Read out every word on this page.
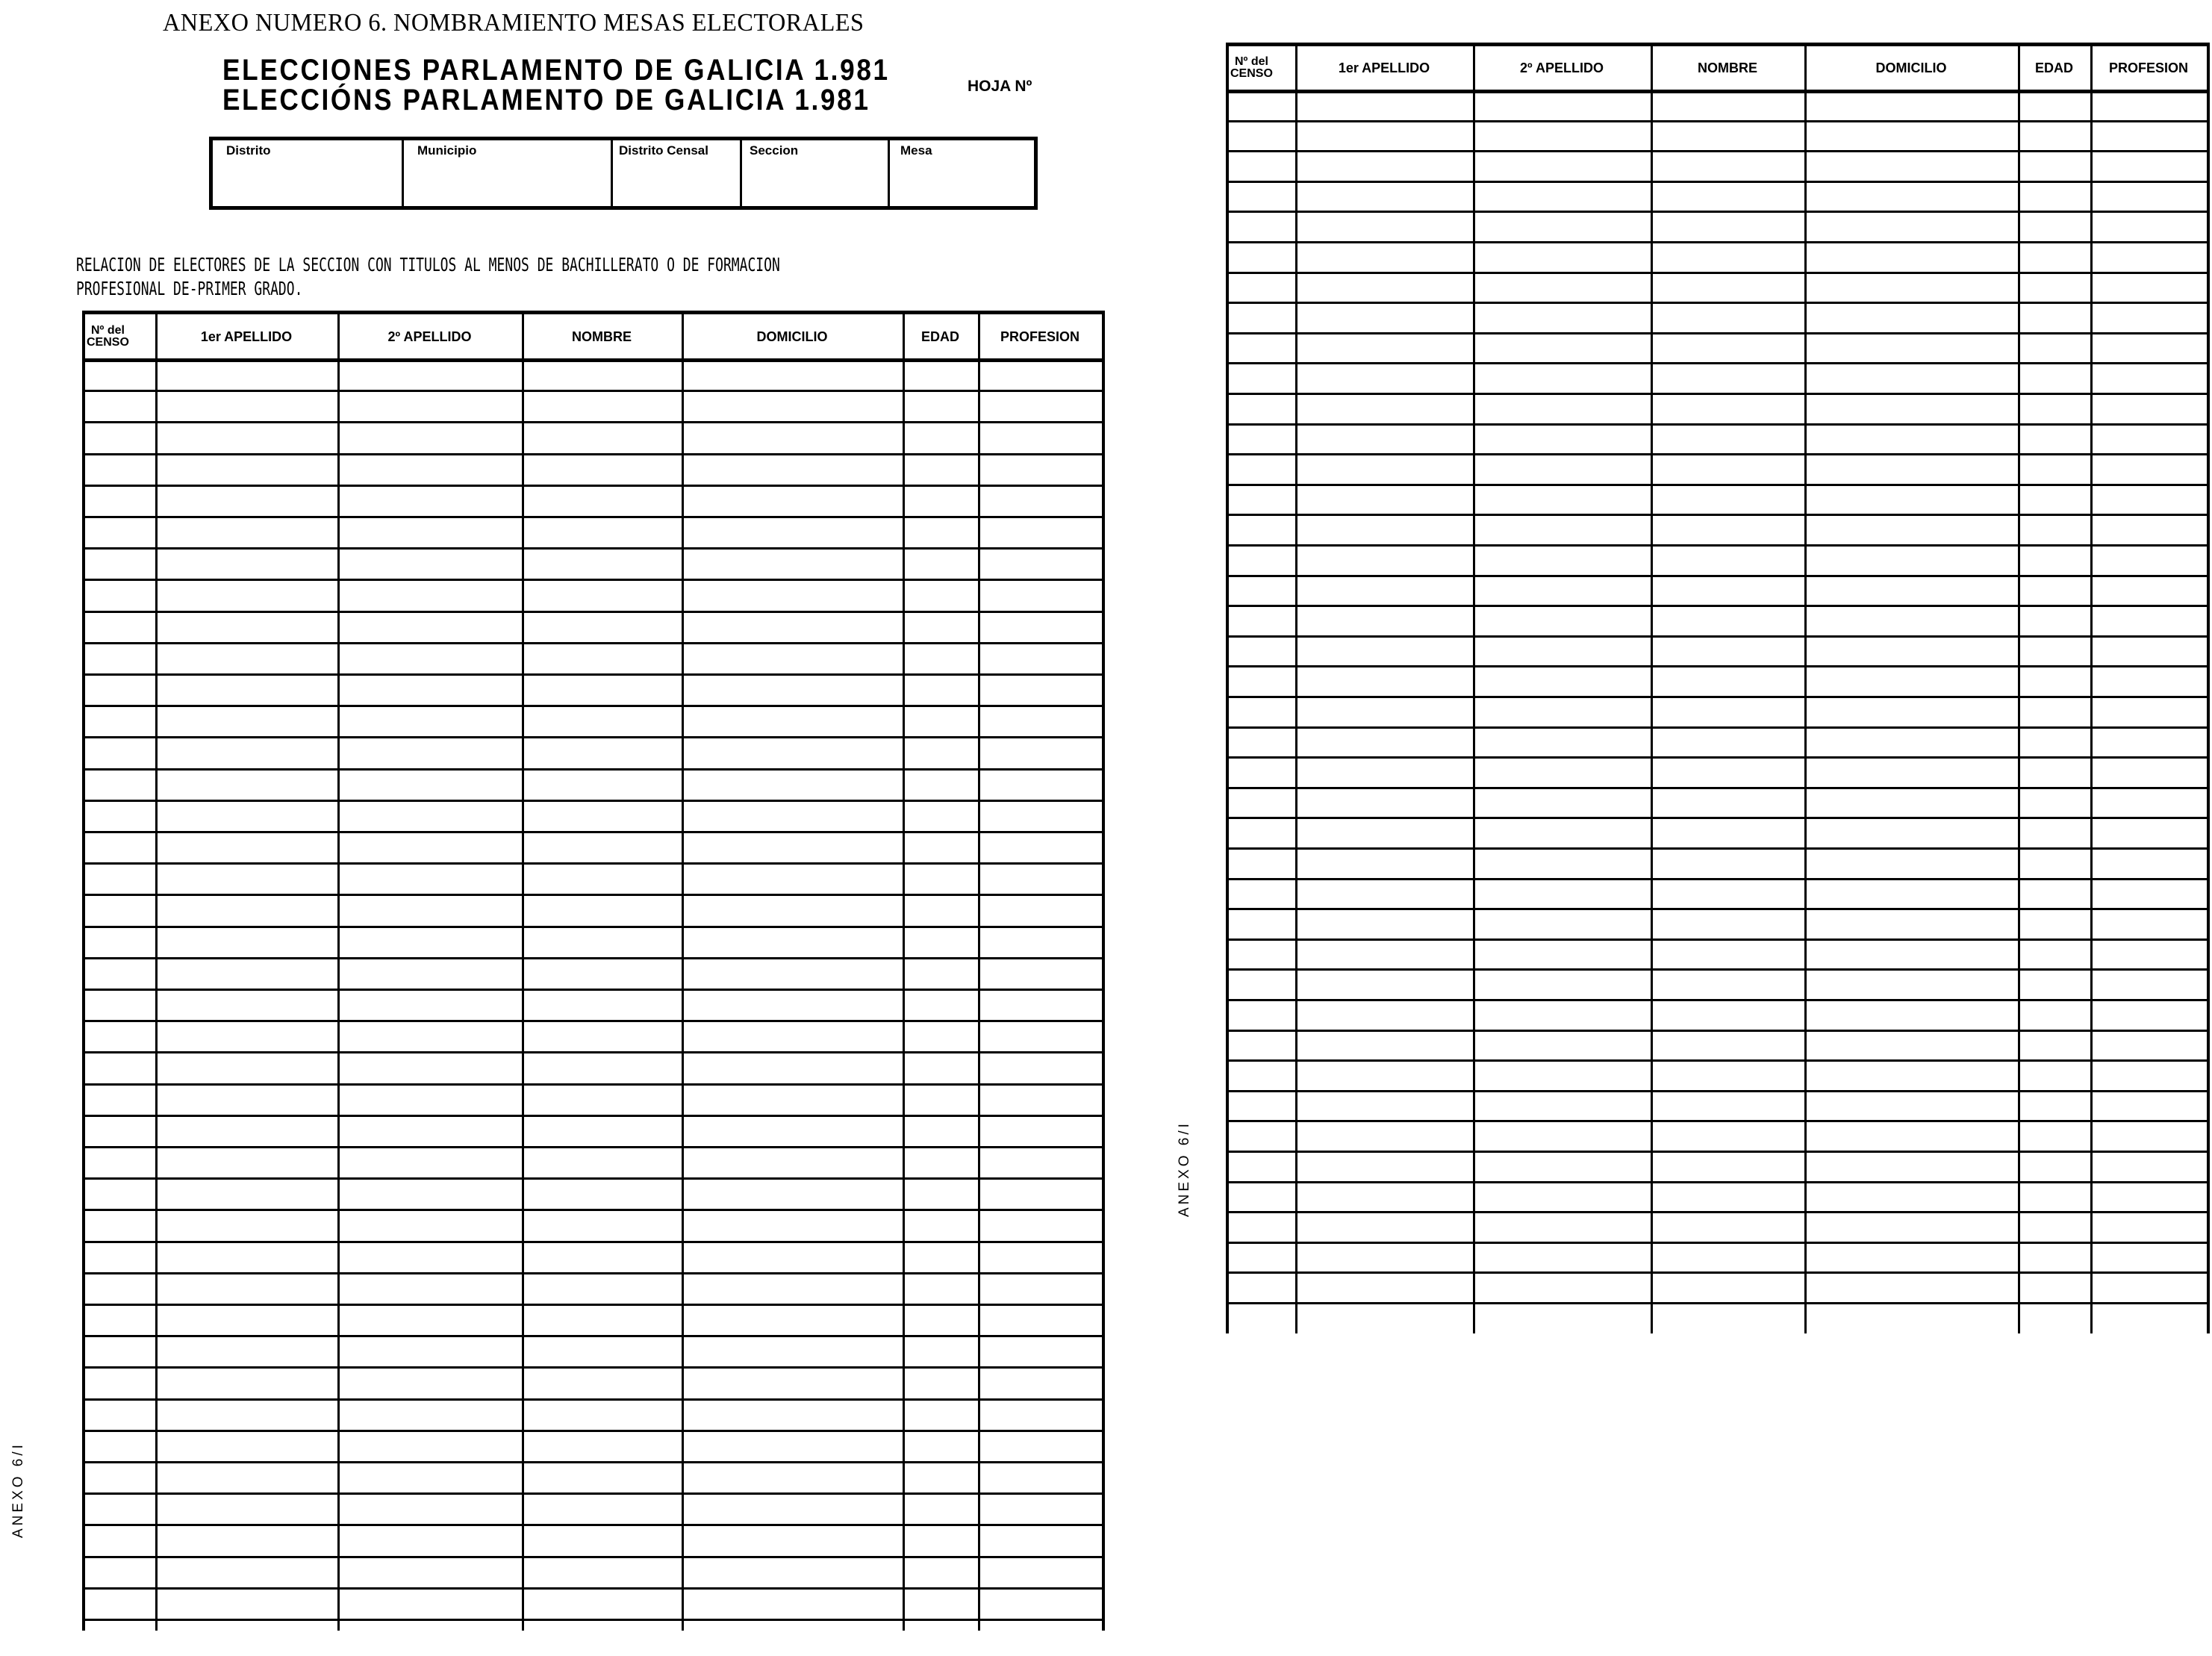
ANEXO NUMERO 6. NOMBRAMIENTO MESAS ELECTORALES
ELECCIONES PARLAMENTO DE GALICIA 1.981
ELECCIÓNS PARLAMENTO DE GALICIA 1.981	HOJA Nº
Distrito	Municipio	Distrito Censal	Seccion	Mesa
RELACION DE ELECTORES DE LA SECCION CON TITULOS AL MENOS DE BACHILLERATO O DE FORMACION
PROFESIONAL DE-PRIMER GRADO.
Nº del
CENSO	1er APELLIDO	2º APELLIDO	NOMBRE	DOMICILIO	EDAD	PROFESION
Nº del
CENSO	1er APELLIDO	2º APELLIDO	NOMBRE	DOMICILIO	EDAD	PROFESION
ANEXO 6/I
ANEXO 6/I
